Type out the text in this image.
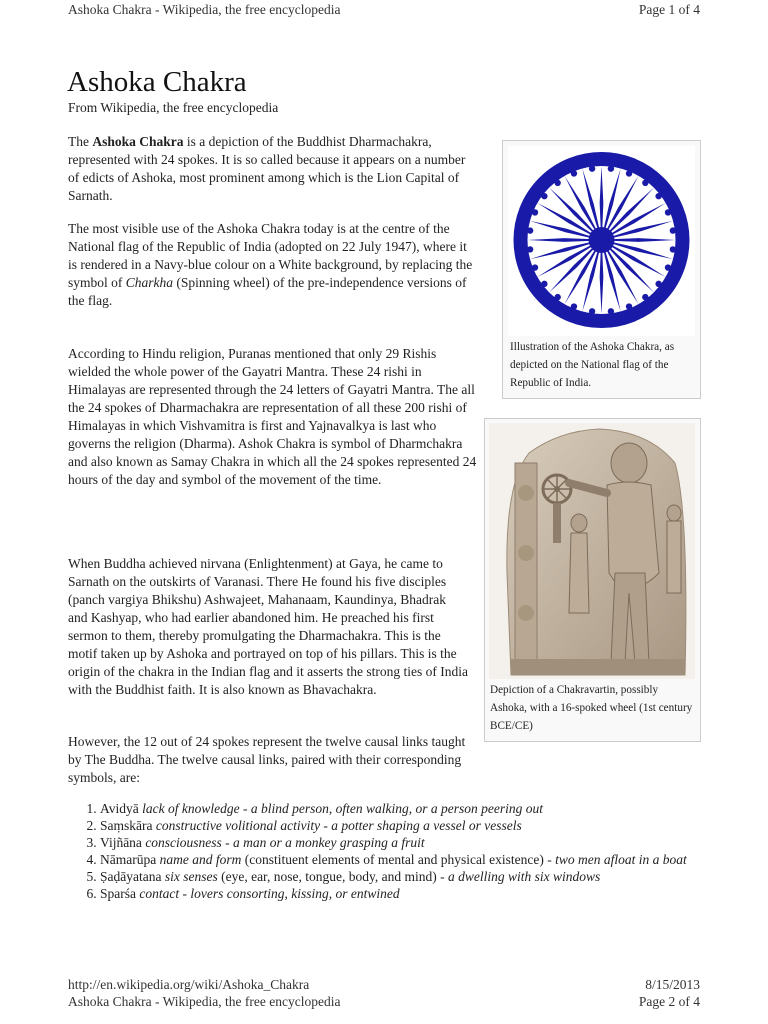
Ashoka Chakra - Wikipedia, the free encyclopedia	Page 1 of 4
Ashoka Chakra
From Wikipedia, the free encyclopedia
The Ashoka Chakra is a depiction of the Buddhist Dharmachakra, represented with 24 spokes. It is so called because it appears on a number of edicts of Ashoka, most prominent among which is the Lion Capital of Sarnath.
The most visible use of the Ashoka Chakra today is at the centre of the National flag of the Republic of India (adopted on 22 July 1947), where it is rendered in a Navy-blue colour on a White background, by replacing the symbol of Charkha (Spinning wheel) of the pre-independence versions of the flag.
According to Hindu religion, Puranas mentioned that only 29 Rishis wielded the whole power of the Gayatri Mantra. These 24 rishi in Himalayas are represented through the 24 letters of Gayatri Mantra. The all the 24 spokes of Dharmachakra are representation of all these 200 rishi of Himalayas in which Vishvamitra is first and Yajnavalkya is last who governs the religion (Dharma). Ashok Chakra is symbol of Dharmchakra and also known as Samay Chakra in which all the 24 spokes represented 24 hours of the day and symbol of the movement of the time.
When Buddha achieved nirvana (Enlightenment) at Gaya, he came to Sarnath on the outskirts of Varanasi. There He found his five disciples (panch vargiya Bhikshu) Ashwajeet, Mahanaam, Kaundinya, Bhadrak and Kashyap, who had earlier abandoned him. He preached his first sermon to them, thereby promulgating the Dharmachakra. This is the motif taken up by Ashoka and portrayed on top of his pillars. This is the origin of the chakra in the Indian flag and it asserts the strong ties of India with the Buddhist faith. It is also known as Bhavachakra.
However, the 12 out of 24 spokes represent the twelve causal links taught by The Buddha. The twelve causal links, paired with their corresponding symbols, are:
Illustration of the Ashoka Chakra, as depicted on the National flag of the Republic of India.
Depiction of a Chakravartin, possibly Ashoka, with a 16-spoked wheel (1st century BCE/CE)
1. Avidyā lack of knowledge - a blind person, often walking, or a person peering out
2. Saṃskāra constructive volitional activity - a potter shaping a vessel or vessels
3. Vijñāna consciousness - a man or a monkey grasping a fruit
4. Nāmarūpa name and form (constituent elements of mental and physical existence) - two men afloat in a boat
5. Ṣaḍāyatana six senses (eye, ear, nose, tongue, body, and mind) - a dwelling with six windows
6. Sparśa contact - lovers consorting, kissing, or entwined
http://en.wikipedia.org/wiki/Ashoka_Chakra	8/15/2013
Ashoka Chakra - Wikipedia, the free encyclopedia	Page 2 of 4
